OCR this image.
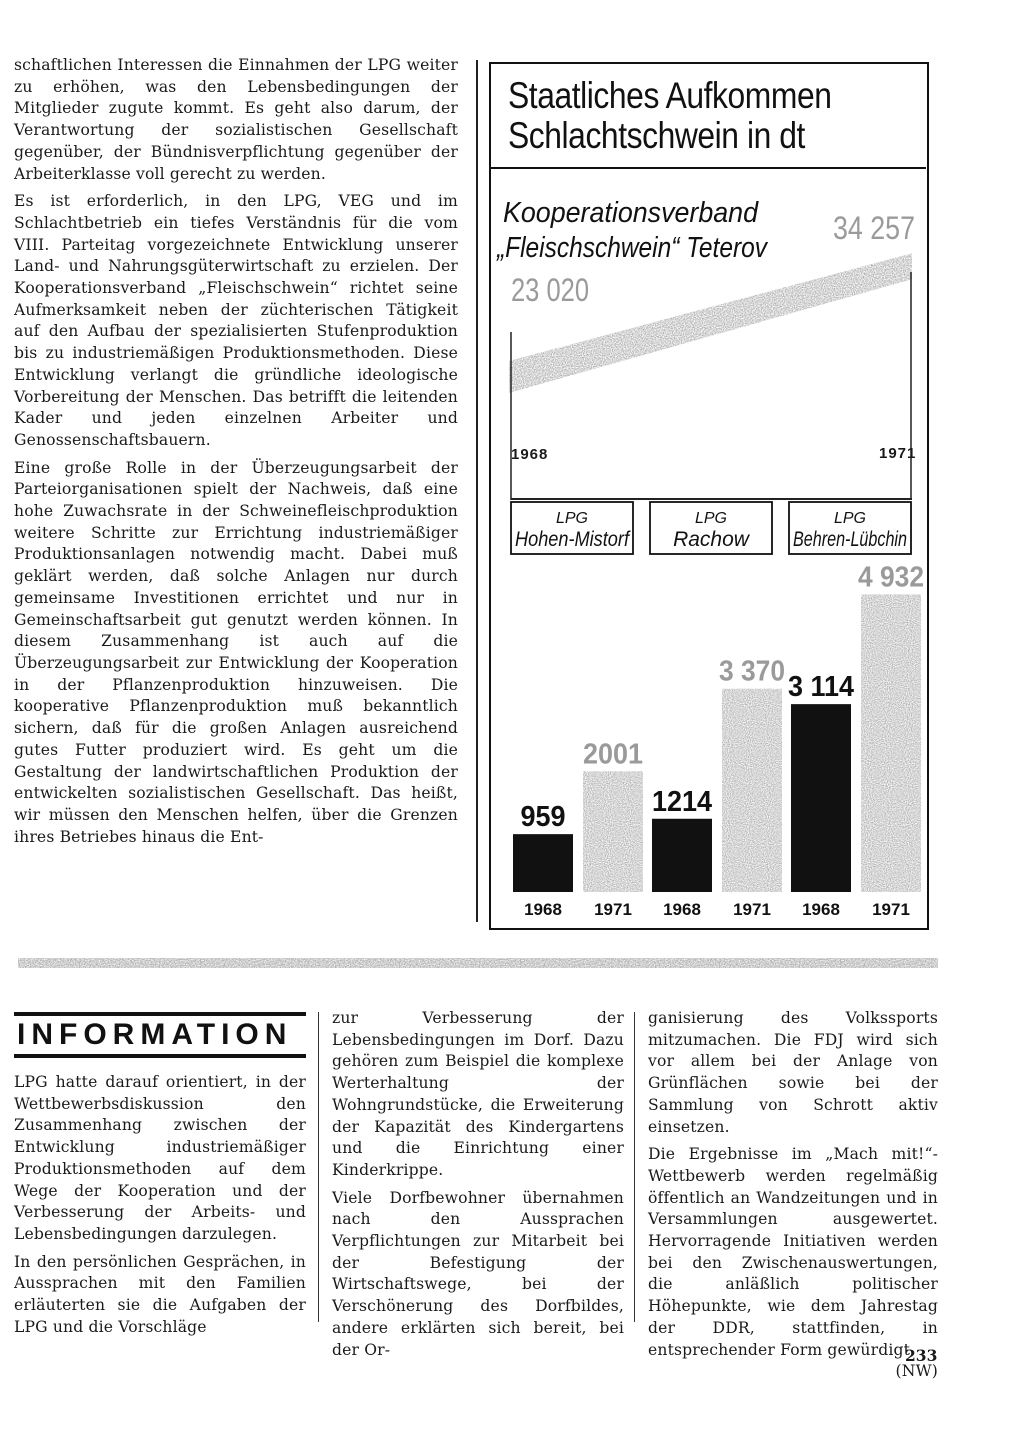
schaftlichen Interessen die Einnahmen der LPG weiter zu erhöhen, was den Lebensbedingungen der Mitglieder zugute kommt. Es geht also darum, der Verantwortung der sozialistischen Gesellschaft gegenüber, der Bündnisverpflichtung gegenüber der Arbeiterklasse voll gerecht zu werden.

Es ist erforderlich, in den LPG, VEG und im Schlachtbetrieb ein tiefes Verständnis für die vom VIII. Parteitag vorgezeichnete Entwicklung unserer Land- und Nahrungsgüterwirtschaft zu erzielen. Der Kooperationsverband „Fleischschwein“ richtet seine Aufmerksamkeit neben der züchterischen Tätigkeit auf den Aufbau der spezialisierten Stufenproduktion bis zu industriemäßigen Produktionsmethoden. Diese Entwicklung verlangt die gründliche ideologische Vorbereitung der Menschen. Das betrifft die leitenden Kader und jeden einzelnen Arbeiter und Genossenschaftsbauern.

Eine große Rolle in der Überzeugungsarbeit der Parteiorganisationen spielt der Nachweis, daß eine hohe Zuwachsrate in der Schweinefleischproduktion weitere Schritte zur Errichtung industriemäßiger Produktionsanlagen notwendig macht. Dabei muß geklärt werden, daß solche Anlagen nur durch gemeinsame Investitionen errichtet und nur in Gemeinschaftsarbeit gut genutzt werden können. In diesem Zusammenhang ist auch auf die Überzeugungsarbeit zur Entwicklung der Kooperation in der Pflanzenproduktion hinzuweisen. Die kooperative Pflanzenproduktion muß bekanntlich sichern, daß für die großen Anlagen ausreichend gutes Futter produziert wird. Es geht um die Gestaltung der landwirtschaftlichen Produktion der entwickelten sozialistischen Gesellschaft. Das heißt, wir müssen den Menschen helfen, über die Grenzen ihres Betriebes hinaus die Ent-

Staatliches Aufkommen
Schlachtschwein in dt
Kooperationsverband
„Fleischschwein“ Teterov
34 257
23 020
1968	1971
LPG
Hohen-Mistorf
959
1968
2001
1971
LPG
Rachow
1214
1968
3 370
1971
LPG
Behren-Lübchin
3 114
1968
4 932
1971
INFORMATION

LPG hatte darauf orientiert, in der Wettbewerbsdiskussion den Zusammenhang zwischen der Entwicklung industriemäßiger Produktionsmethoden auf dem Wege der Kooperation und der Verbesserung der Arbeits- und Lebensbedingungen darzulegen.

In den persönlichen Gesprächen, in Aussprachen mit den Familien erläuterten sie die Aufgaben der LPG und die Vorschläge

zur Verbesserung der Lebensbedingungen im Dorf. Dazu gehören zum Beispiel die komplexe Werterhaltung der Wohngrundstücke, die Erweiterung der Kapazität des Kindergartens und die Einrichtung einer Kinderkrippe.

Viele Dorfbewohner übernahmen nach den Aussprachen Verpflichtungen zur Mitarbeit bei der Befestigung der Wirtschaftswege, bei der Verschönerung des Dorfbildes, andere erklärten sich bereit, bei der Or-

ganisierung des Volkssports mitzumachen. Die FDJ wird sich vor allem bei der Anlage von Grünflächen sowie bei der Sammlung von Schrott aktiv einsetzen.

Die Ergebnisse im „Mach mit!“-Wettbewerb werden regelmäßig öffentlich an Wandzeitungen und in Versammlungen ausgewertet. Hervorragende Initiativen werden bei den Zwischenauswertungen, die anläßlich politischer Höhepunkte, wie dem Jahrestag der DDR, stattfinden, in entsprechender Form gewürdigt.
(NW)

233
